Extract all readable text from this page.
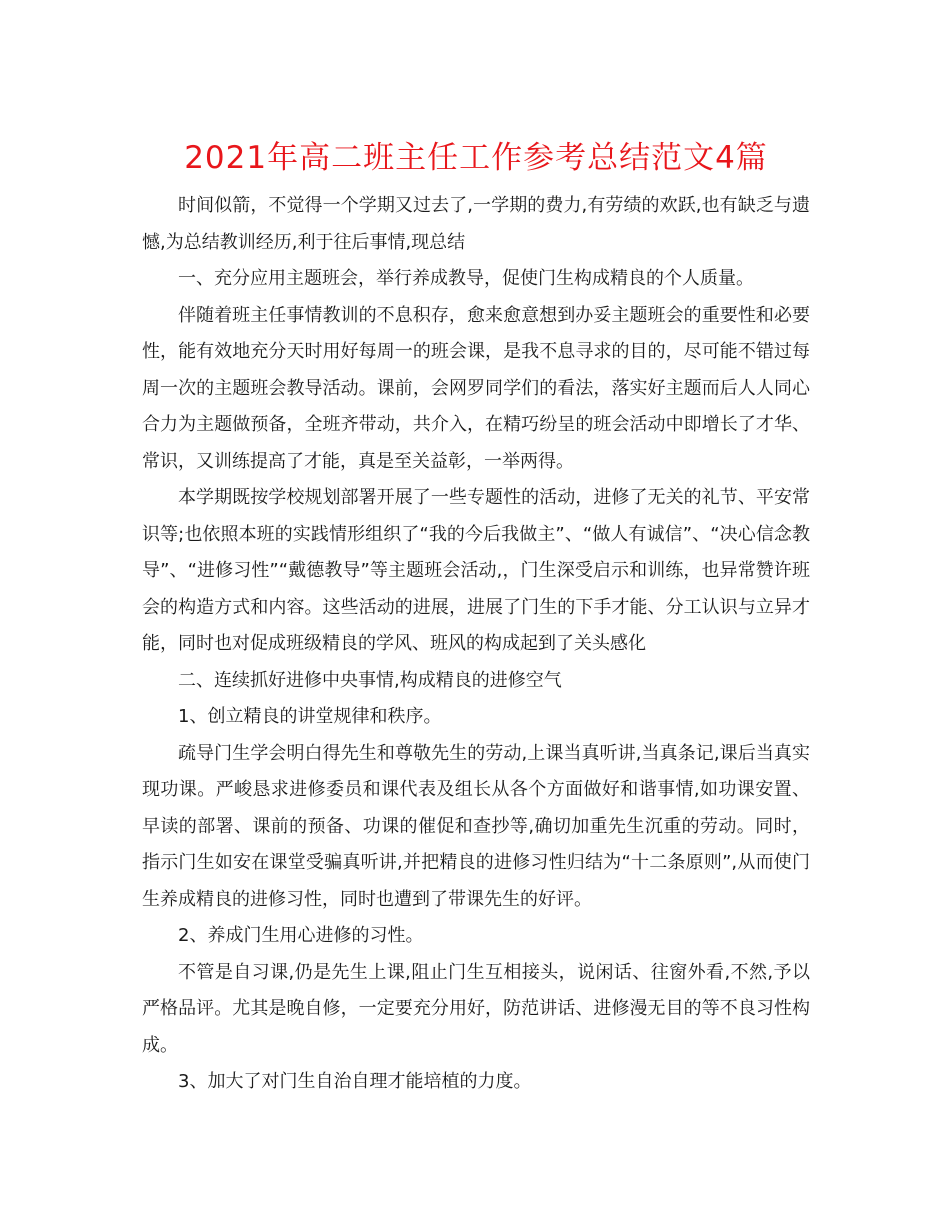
2021年高二班主任工作参考总结范文4篇

时间似箭，不觉得一个学期又过去了,一学期的费力,有劳绩的欢跃,也有缺乏与遗憾,为总结教训经历,利于往后事情,现总结

一、充分应用主题班会，举行养成教导，促使门生构成精良的个人质量。

伴随着班主任事情教训的不息积存，愈来愈意想到办妥主题班会的重要性和必要性，能有效地充分天时用好每周一的班会课，是我不息寻求的目的，尽可能不错过每周一次的主题班会教导活动。课前，会网罗同学们的看法，落实好主题而后人人同心合力为主题做预备，全班齐带动，共介入，在精巧纷呈的班会活动中即增长了才华、常识，又训练提高了才能，真是至关益彰，一举两得。

本学期既按学校规划部署开展了一些专题性的活动，进修了无关的礼节、平安常识等;也依照本班的实践情形组织了“我的今后我做主”、“做人有诚信”、“决心信念教导”、“进修习性”“戴德教导”等主题班会活动,，门生深受启示和训练，也异常赞许班会的构造方式和内容。这些活动的进展，进展了门生的下手才能、分工认识与立异才能，同时也对促成班级精良的学风、班风的构成起到了关头感化

二、连续抓好进修中央事情,构成精良的进修空气

1、创立精良的讲堂规律和秩序。

疏导门生学会明白得先生和尊敬先生的劳动,上课当真听讲,当真条记,课后当真实现功课。严峻恳求进修委员和课代表及组长从各个方面做好和谐事情,如功课安置、早读的部署、课前的预备、功课的催促和查抄等,确切加重先生沉重的劳动。同时，指示门生如安在课堂受骗真听讲,并把精良的进修习性归结为“十二条原则”,从而使门生养成精良的进修习性，同时也遭到了带课先生的好评。

2、养成门生用心进修的习性。

不管是自习课,仍是先生上课,阻止门生互相接头，说闲话、往窗外看,不然,予以严格品评。尤其是晚自修，一定要充分用好，防范讲话、进修漫无目的等不良习性构成。

3、加大了对门生自治自理才能培植的力度。
